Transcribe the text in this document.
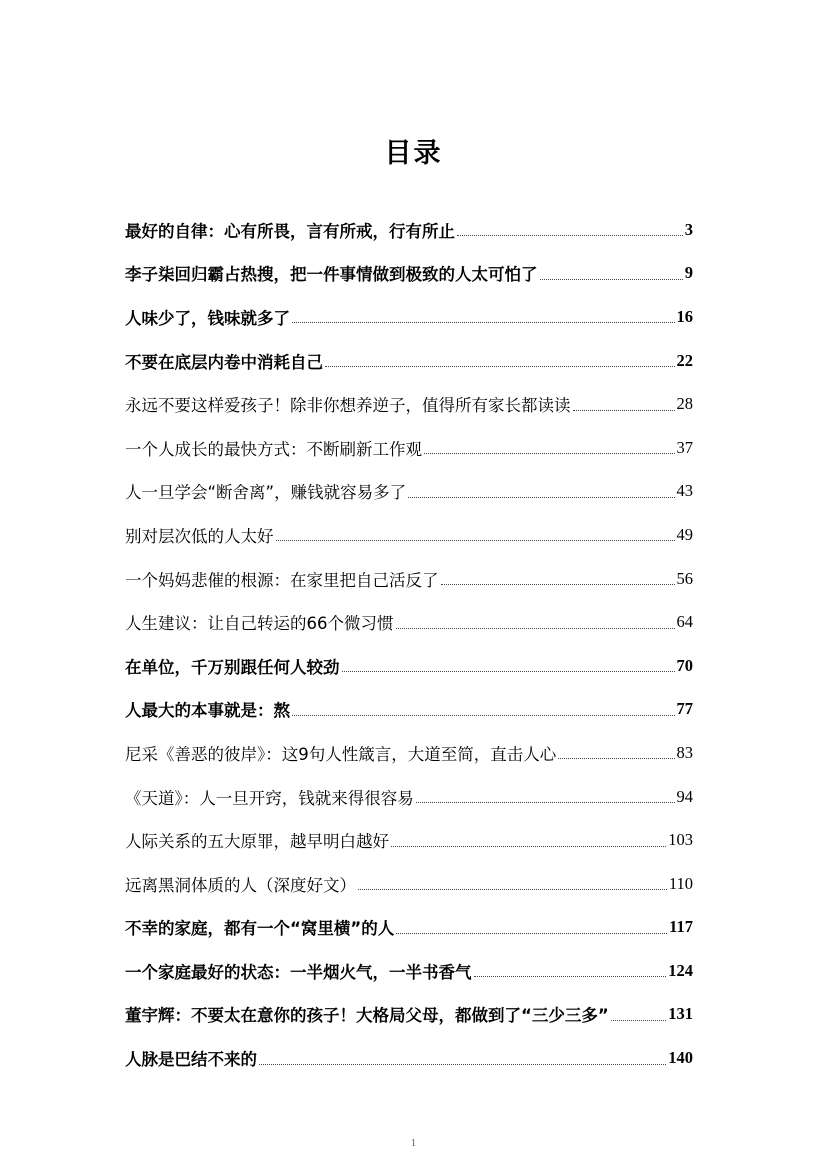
目录
最好的自律：心有所畏，言有所戒，行有所止	3
李子柒回归霸占热搜，把一件事情做到极致的人太可怕了	9
人味少了，钱味就多了	16
不要在底层内卷中消耗自己	22
永远不要这样爱孩子！除非你想养逆子，值得所有家长都读读	28
一个人成长的最快方式：不断刷新工作观	37
人一旦学会“断舍离”，赚钱就容易多了	43
别对层次低的人太好	49
一个妈妈悲催的根源：在家里把自己活反了	56
人生建议：让自己转运的66个微习惯	64
在单位，千万别跟任何人较劲	70
人最大的本事就是：熬	77
尼采《善恶的彼岸》：这9句人性箴言，大道至简，直击人心	83
《天道》：人一旦开窍，钱就来得很容易	94
人际关系的五大原罪，越早明白越好	103
远离黑洞体质的人（深度好文）	110
不幸的家庭，都有一个“窝里横”的人	117
一个家庭最好的状态：一半烟火气，一半书香气	124
董宇辉：不要太在意你的孩子！大格局父母，都做到了“三少三多”	131
人脉是巴结不来的	140
1
